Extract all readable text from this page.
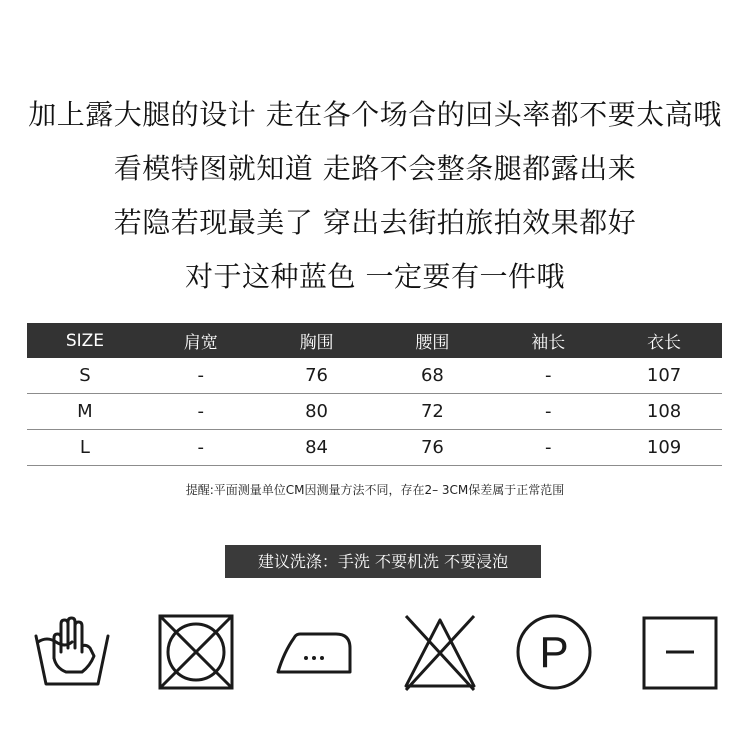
加上露大腿的设计 走在各个场合的回头率都不要太高哦
看模特图就知道 走路不会整条腿都露出来
若隐若现最美了 穿出去街拍旅拍效果都好
对于这种蓝色 一定要有一件哦
SIZE	肩宽	胸围	腰围	袖长	衣长
S	-	76	68	-	107
M	-	80	72	-	108
L	-	84	76	-	109
提醒:平面测量单位CM因测量方法不同，存在2– 3CM保差属于正常范围
建议洗涤：手洗 不要机洗 不要浸泡
P
